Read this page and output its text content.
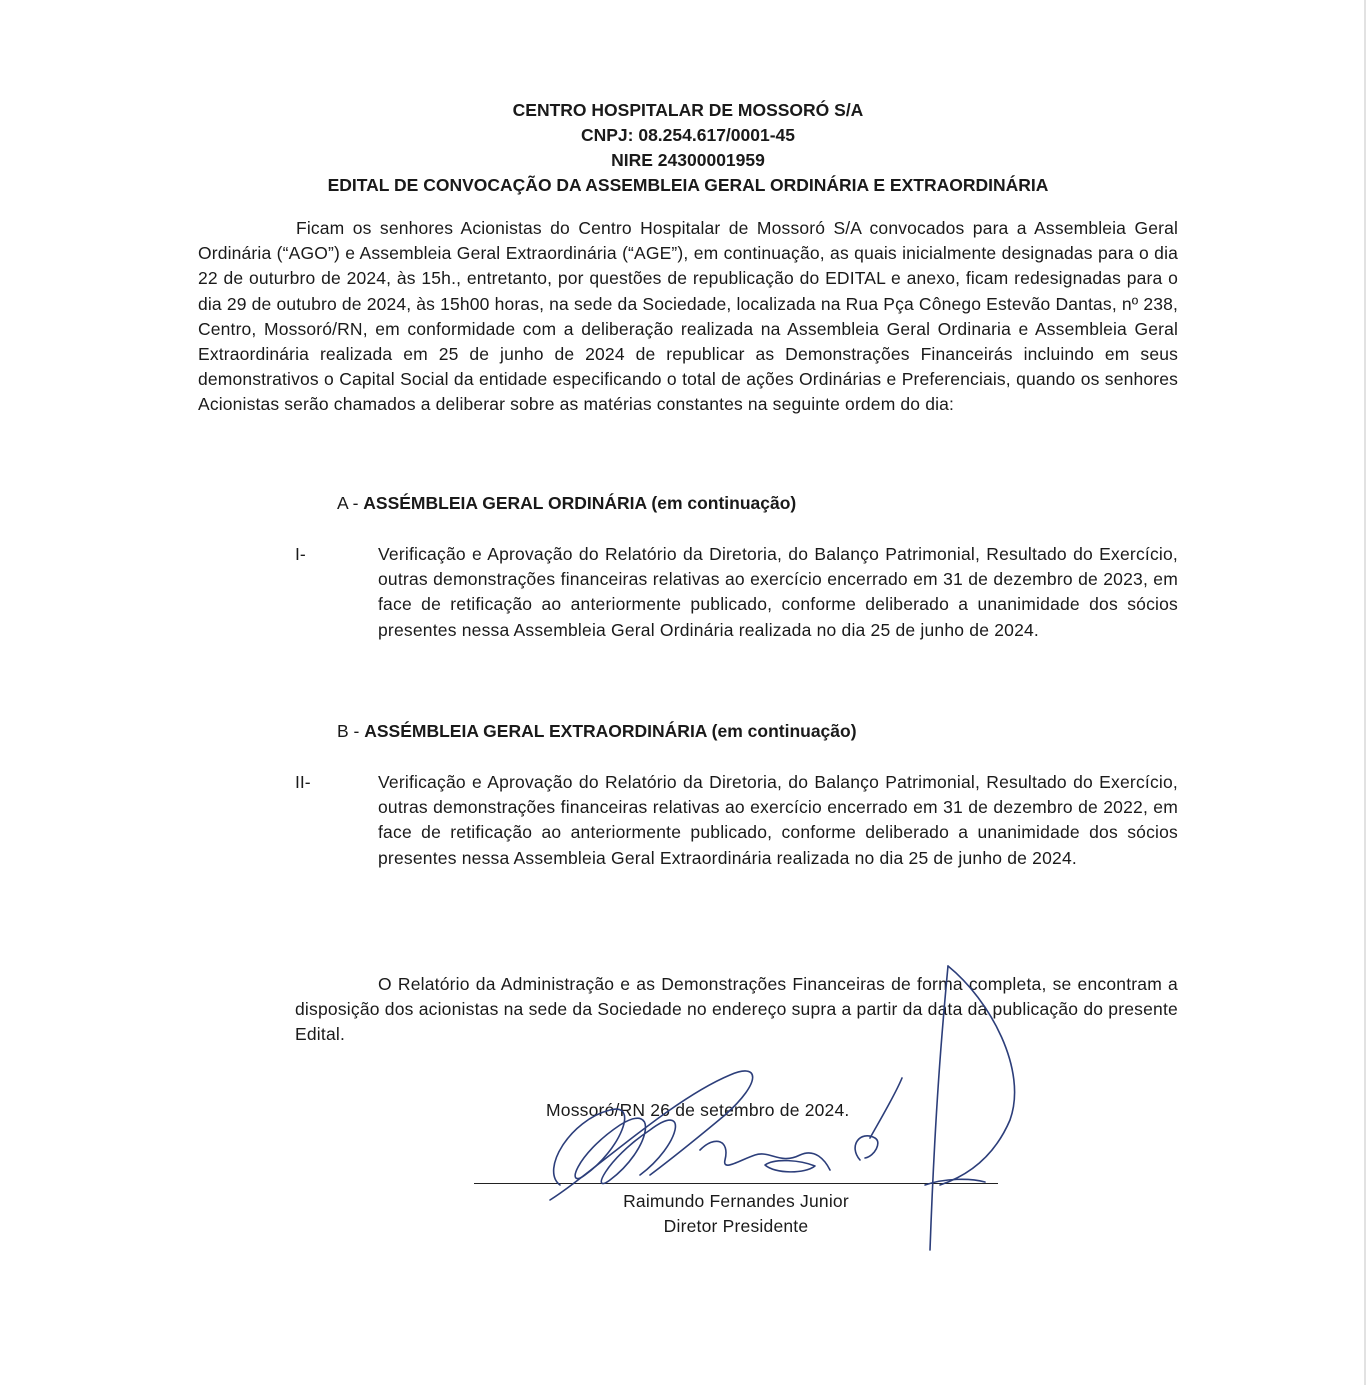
CENTRO HOSPITALAR DE MOSSORÓ S/A
CNPJ: 08.254.617/0001-45
NIRE 24300001959
EDITAL DE CONVOCAÇÃO DA ASSEMBLEIA GERAL ORDINÁRIA E EXTRAORDINÁRIA
Ficam os senhores Acionistas do Centro Hospitalar de Mossoró S/A convocados para a Assembleia Geral Ordinária (“AGO”) e Assembleia Geral Extraordinária (“AGE”), em continuação, as quais inicialmente designadas para o dia 22 de outurbro de 2024, às 15h., entretanto, por questões de republicação do EDITAL e anexo, ficam redesignadas para o dia 29 de outubro de 2024, às 15h00 horas, na sede da Sociedade, localizada na Rua Pça Cônego Estevão Dantas, nº 238, Centro, Mossoró/RN, em conformidade com a deliberação realizada na Assembleia Geral Ordinaria e Assembleia Geral Extraordinária realizada em 25 de junho de 2024 de republicar as Demonstrações Financeirás incluindo em seus demonstrativos o Capital Social da entidade especificando o total de ações Ordinárias e Preferenciais, quando os senhores Acionistas serão chamados a deliberar sobre as matérias constantes na seguinte ordem do dia:
A - ASSÉMBLEIA GERAL ORDINÁRIA (em continuação)
I-	Verificação e Aprovação do Relatório da Diretoria, do Balanço Patrimonial, Resultado do Exercício, outras demonstrações financeiras relativas ao exercício encerrado em 31 de dezembro de 2023, em face de retificação ao anteriormente publicado, conforme deliberado a unanimidade dos sócios presentes nessa Assembleia Geral Ordinária realizada no dia 25 de junho de 2024.
B - ASSÉMBLEIA GERAL EXTRAORDINÁRIA (em continuação)
II-	Verificação e Aprovação do Relatório da Diretoria, do Balanço Patrimonial, Resultado do Exercício, outras demonstrações financeiras relativas ao exercício encerrado em 31 de dezembro de 2022, em face de retificação ao anteriormente publicado, conforme deliberado a unanimidade dos sócios presentes nessa Assembleia Geral Extraordinária realizada no dia 25 de junho de 2024.
O Relatório da Administração e as Demonstrações Financeiras de forma completa, se encontram a disposição dos acionistas na sede da Sociedade no endereço supra a partir da data da publicação do presente Edital.
Mossoró/RN 26 de setembro de 2024.
Raimundo Fernandes Junior
Diretor Presidente
